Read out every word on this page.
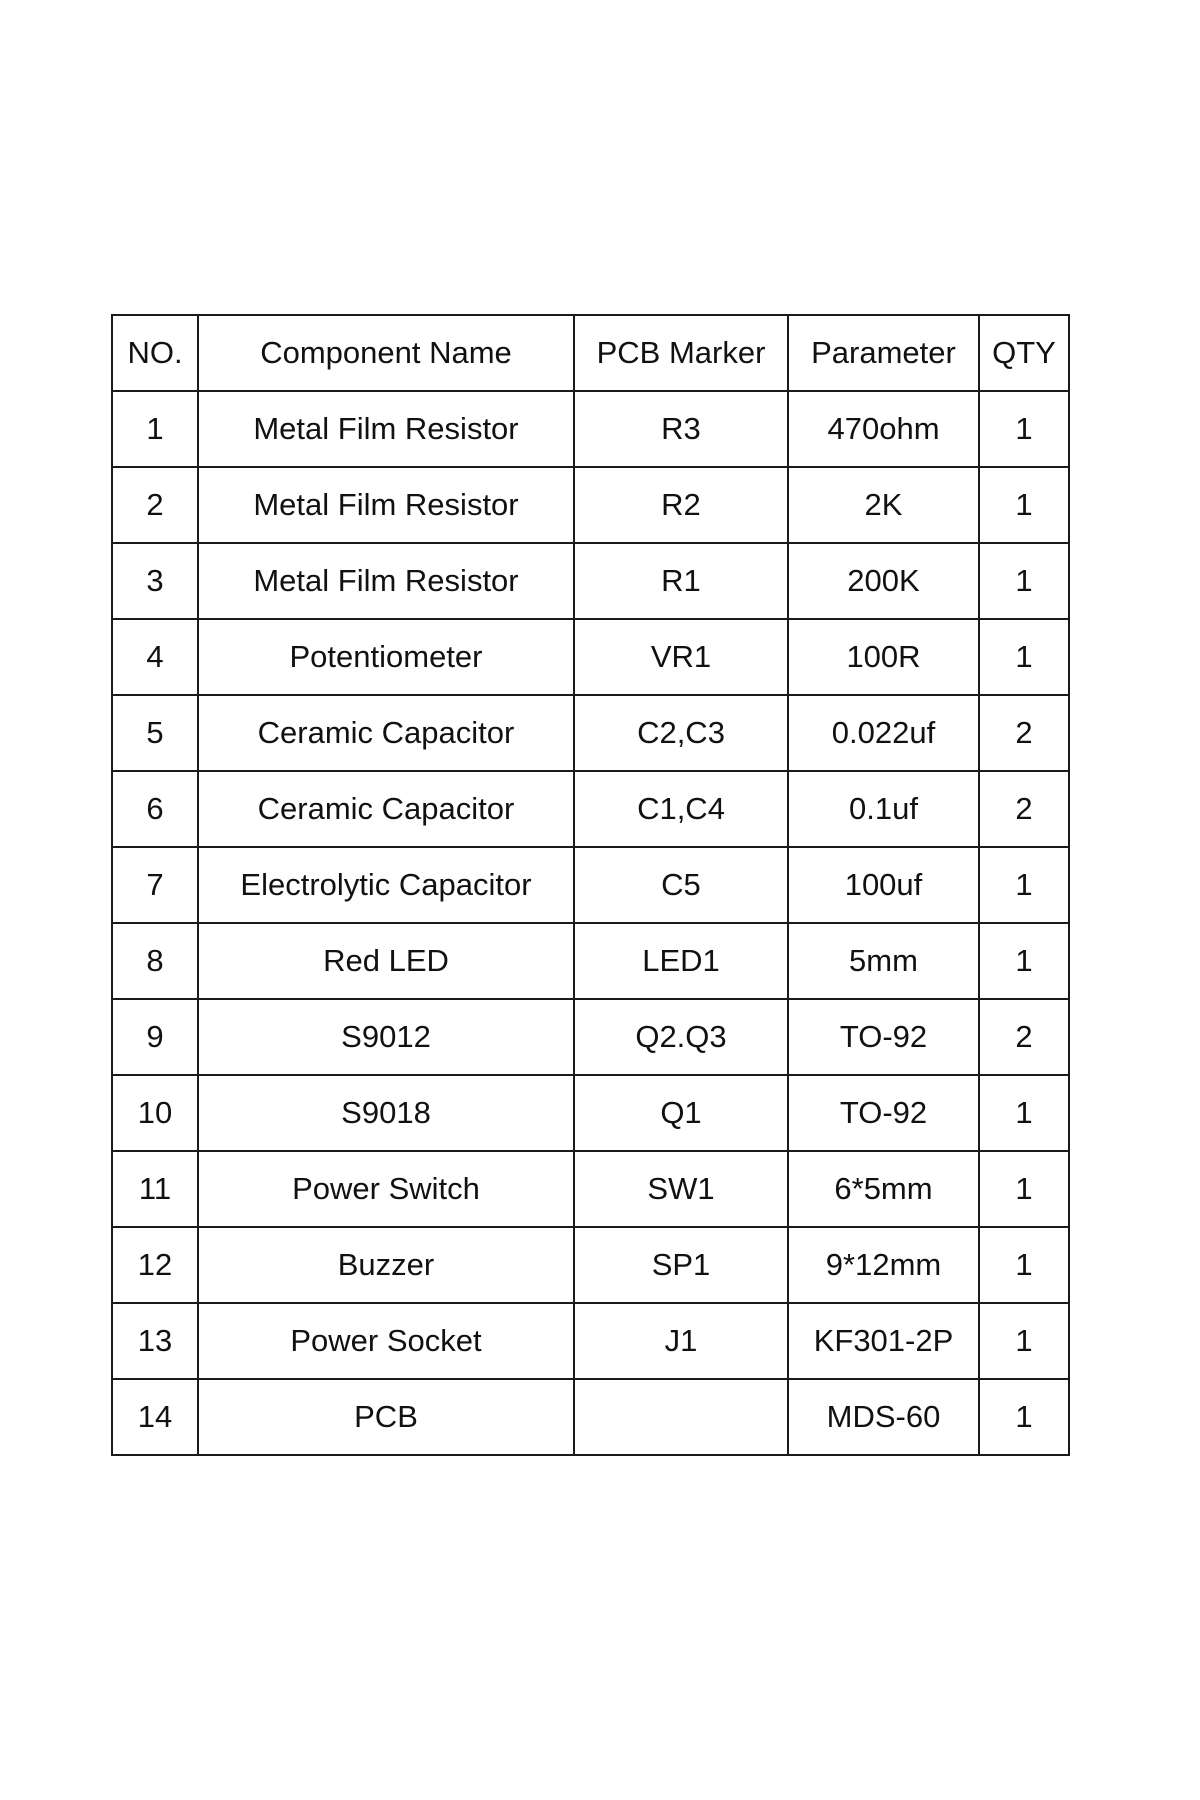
NO.	Component Name	PCB Marker	Parameter	QTY
1	Metal Film Resistor	R3	470ohm	1
2	Metal Film Resistor	R2	2K	1
3	Metal Film Resistor	R1	200K	1
4	Potentiometer	VR1	100R	1
5	Ceramic Capacitor	C2,C3	0.022uf	2
6	Ceramic Capacitor	C1,C4	0.1uf	2
7	Electrolytic Capacitor	C5	100uf	1
8	Red LED	LED1	5mm	1
9	S9012	Q2.Q3	TO-92	2
10	S9018	Q1	TO-92	1
11	Power Switch	SW1	6*5mm	1
12	Buzzer	SP1	9*12mm	1
13	Power Socket	J1	KF301-2P	1
14	PCB		MDS-60	1
